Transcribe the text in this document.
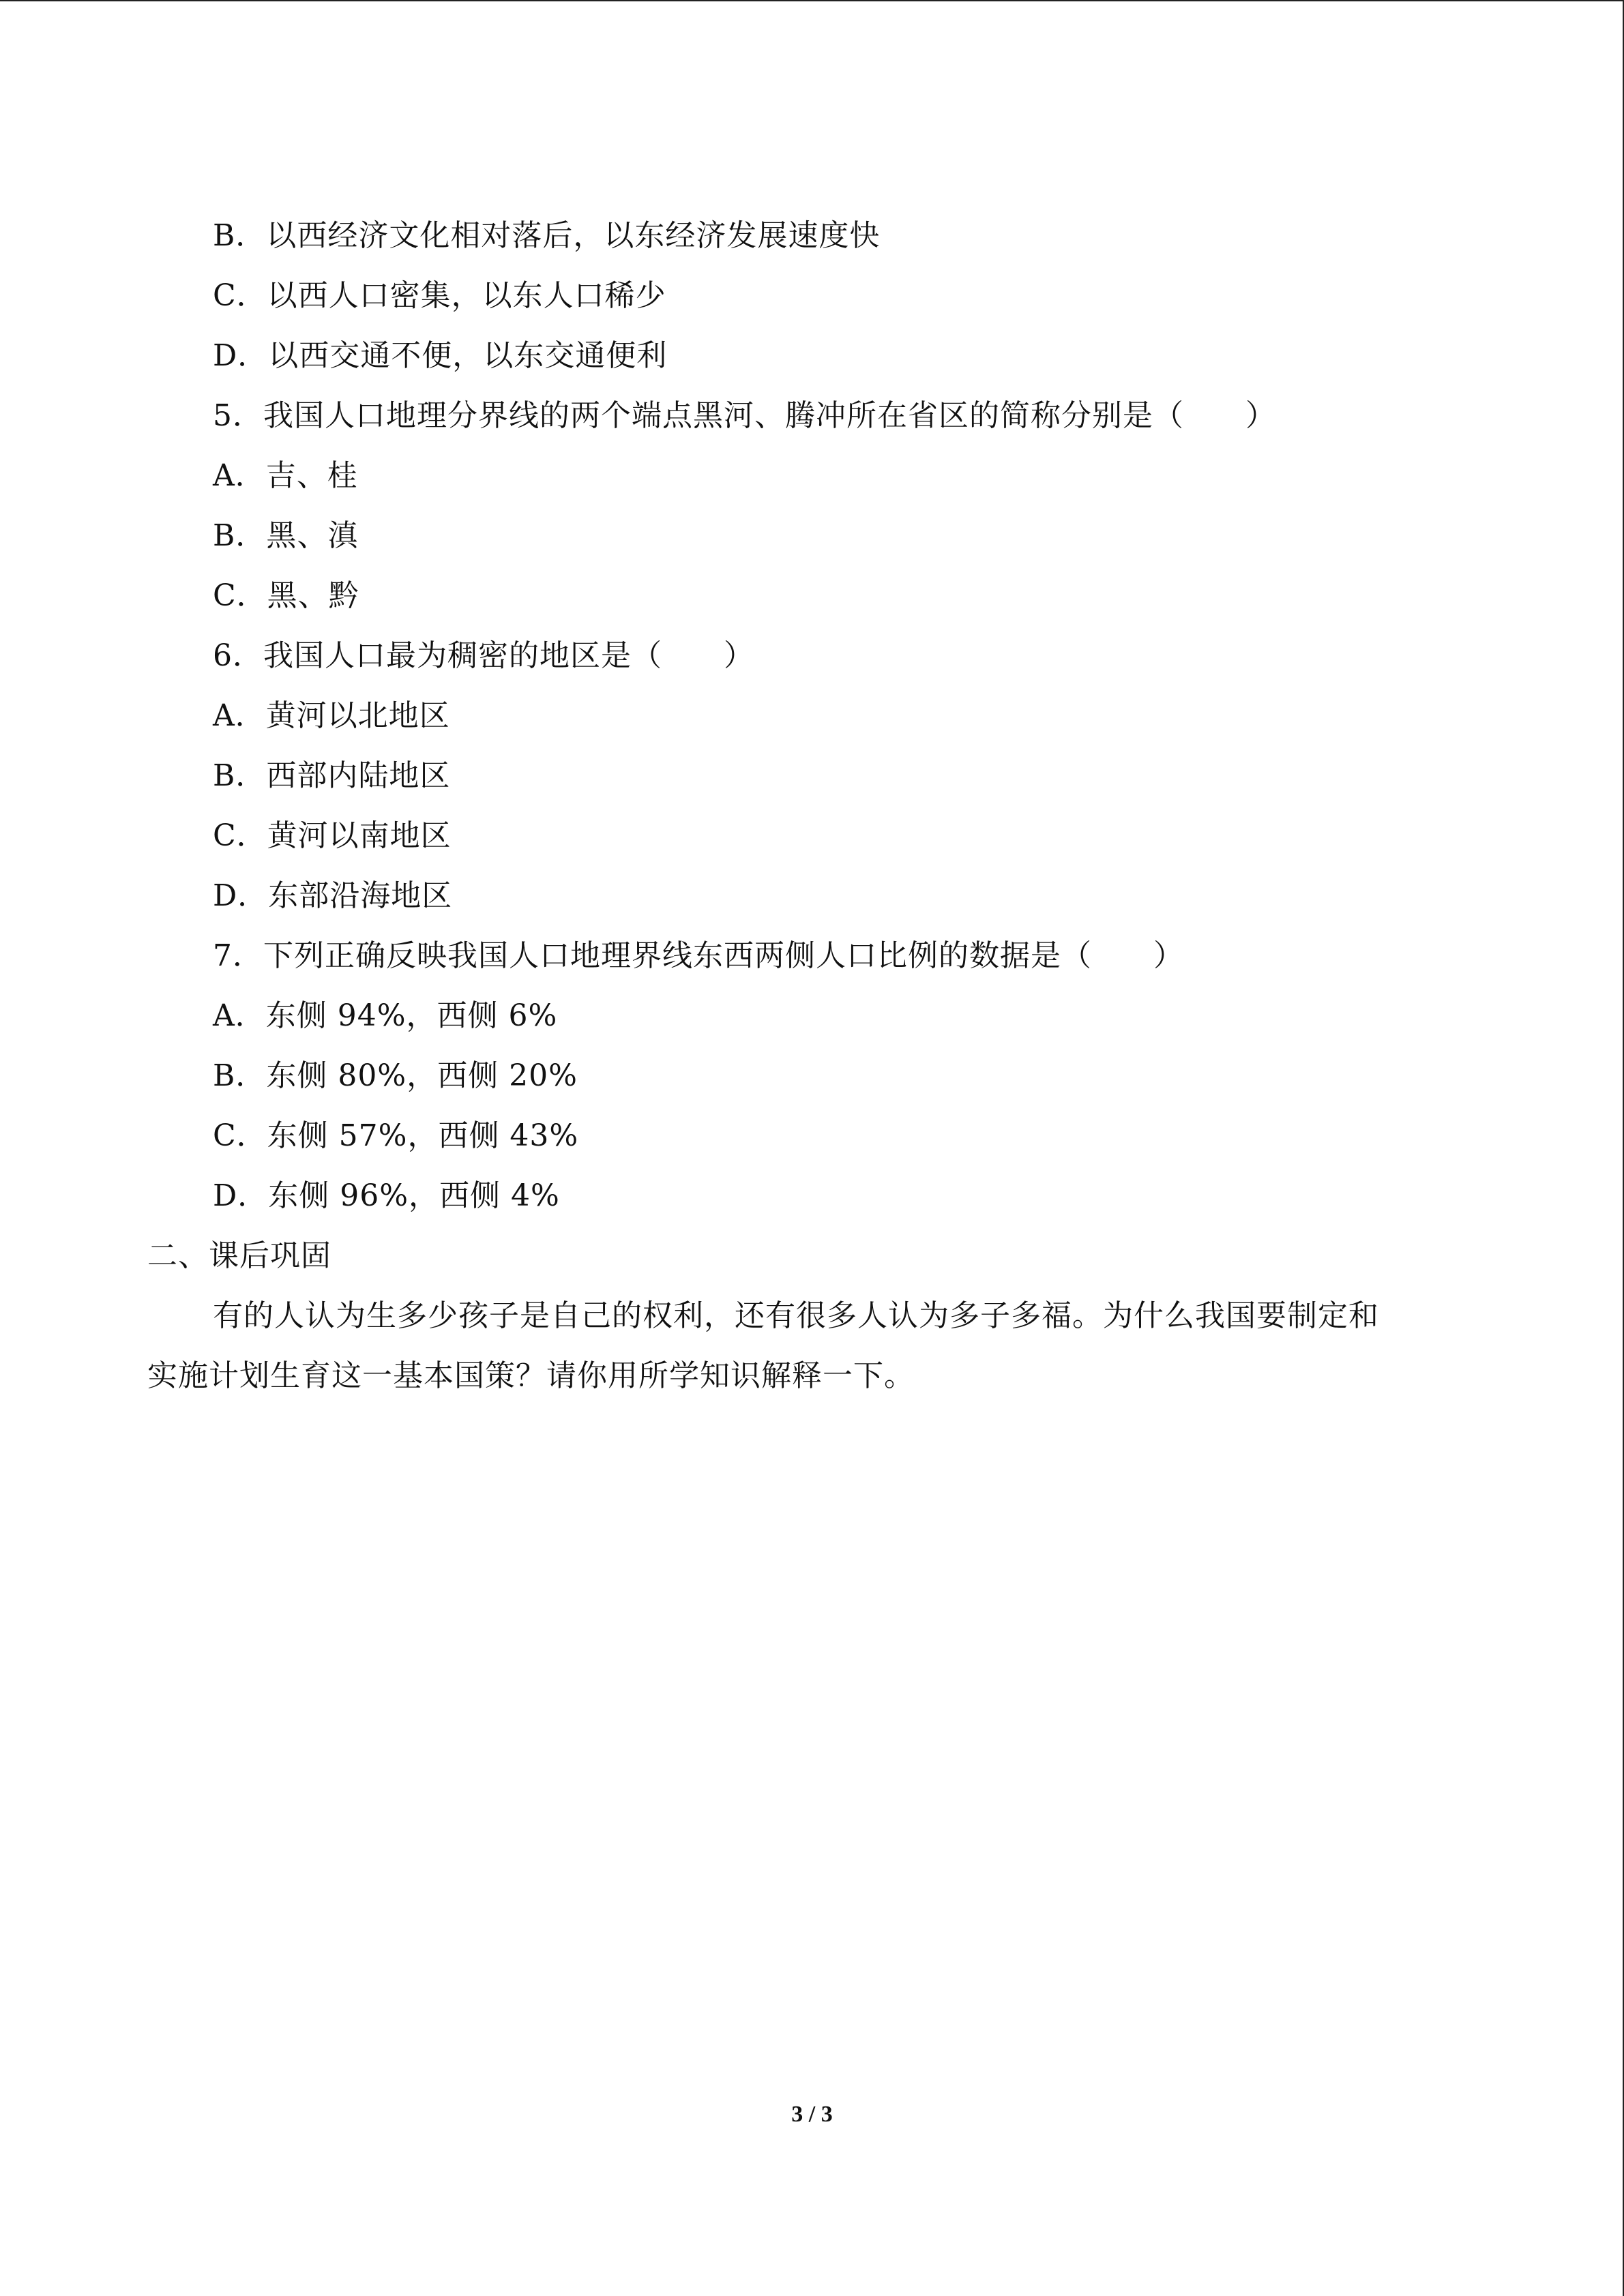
B．以西经济文化相对落后，以东经济发展速度快
C．以西人口密集，以东人口稀少
D．以西交通不便，以东交通便利
5．我国人口地理分界线的两个端点黑河、腾冲所在省区的简称分别是（　　）
A．吉、桂
B．黑、滇
C．黑、黔
6．我国人口最为稠密的地区是（　　）
A．黄河以北地区
B．西部内陆地区
C．黄河以南地区
D．东部沿海地区
7．下列正确反映我国人口地理界线东西两侧人口比例的数据是（　　）
A．东侧 94%，西侧 6%
B．东侧 80%，西侧 20%
C．东侧 57%，西侧 43%
D．东侧 96%，西侧 4%
二、课后巩固
有的人认为生多少孩子是自己的权利，还有很多人认为多子多福。为什么我国要制定和
实施计划生育这一基本国策？请你用所学知识解释一下。
3 / 3
